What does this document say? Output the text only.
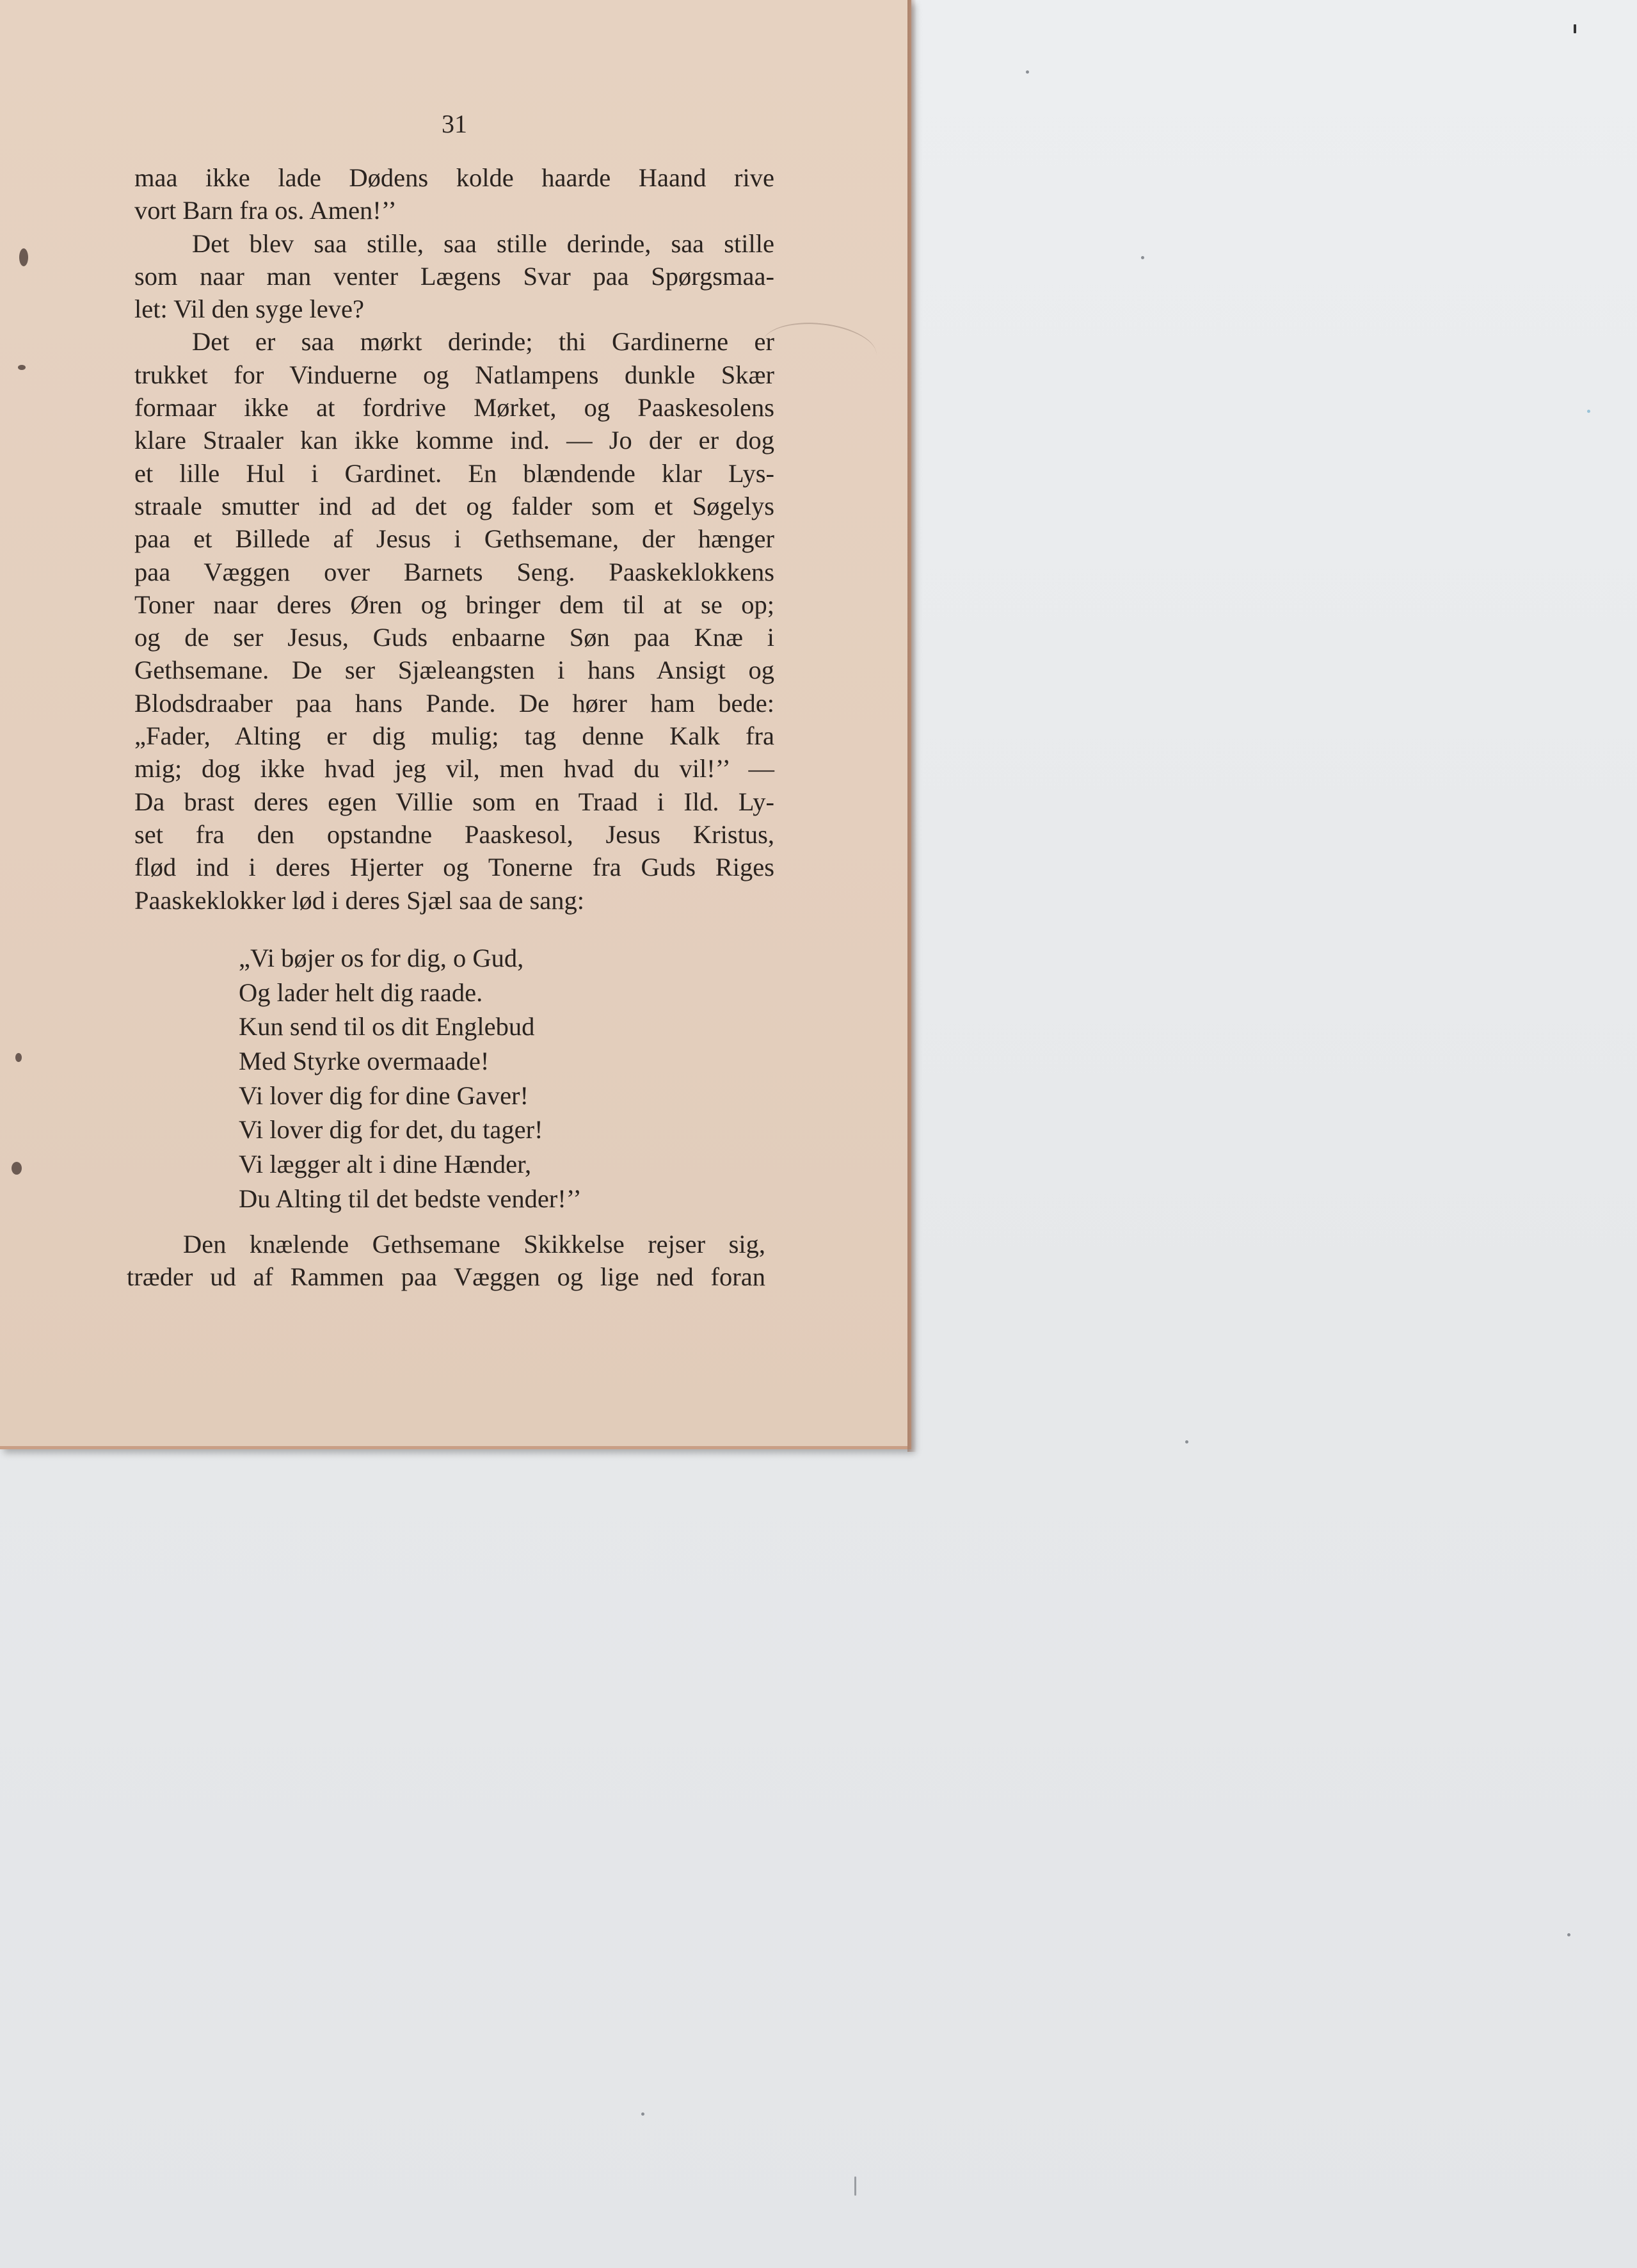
31
maa ikke lade Dødens kolde haarde Haand rive
vort Barn fra os. Amen!’’
Det blev saa stille, saa stille derinde, saa stille
som naar man venter Lægens Svar paa Spørgsmaa-
let: Vil den syge leve?
Det er saa mørkt derinde; thi Gardinerne er
trukket for Vinduerne og Natlampens dunkle Skær
formaar ikke at fordrive Mørket, og Paaskesolens
klare Straaler kan ikke komme ind. — Jo der er dog
et lille Hul i Gardinet. En blændende klar Lys-
straale smutter ind ad det og falder som et Søgelys
paa et Billede af Jesus i Gethsemane, der hænger
paa Væggen over Barnets Seng. Paaskeklokkens
Toner naar deres Øren og bringer dem til at se op;
og de ser Jesus, Guds enbaarne Søn paa Knæ i
Gethsemane. De ser Sjæleangsten i hans Ansigt og
Blodsdraaber paa hans Pande. De hører ham bede:
„Fader, Alting er dig mulig; tag denne Kalk fra
mig; dog ikke hvad jeg vil, men hvad du vil!’’ —
Da brast deres egen Villie som en Traad i Ild. Ly-
set fra den opstandne Paaskesol, Jesus Kristus,
flød ind i deres Hjerter og Tonerne fra Guds Riges
Paaskeklokker lød i deres Sjæl saa de sang:
„Vi bøjer os for dig, o Gud,
Og lader helt dig raade.
Kun send til os dit Englebud
Med Styrke overmaade!
Vi lover dig for dine Gaver!
Vi lover dig for det, du tager!
Vi lægger alt i dine Hænder,
Du Alting til det bedste vender!’’
Den knælende Gethsemane Skikkelse rejser sig,
træder ud af Rammen paa Væggen og lige ned foran
